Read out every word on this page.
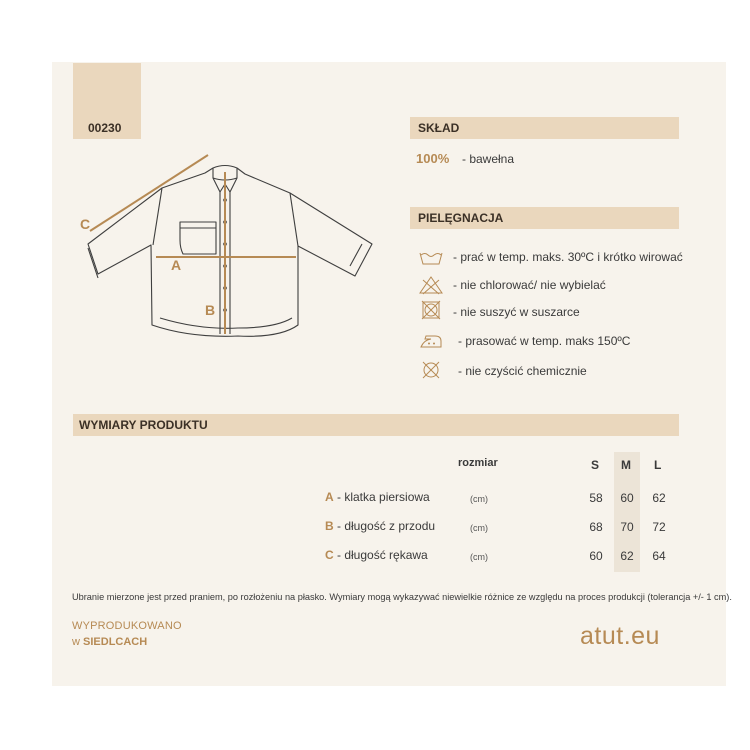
00230
C
A
B
SKŁAD
100% - bawełna
PIELĘGNACJA
- prać w temp. maks. 30ºC i krótko wirować
- nie chlorować/ nie wybielać
- nie suszyć w suszarce
- prasować w temp. maks 150ºC
- nie czyścić chemicznie
WYMIARY PRODUKTU
rozmiar	S M L
A - klatka piersiowa	(cm)	58	60	62
B - długość z przodu	(cm)	68	70	72
C - długość rękawa	(cm)	60	62	64
Ubranie mierzone jest przed praniem, po rozłożeniu na płasko. Wymiary mogą wykazywać niewielkie różnice ze względu na proces produkcji (tolerancja +/- 1 cm).
WYPRODUKOWANO
w SIEDLCACH	atut.eu
